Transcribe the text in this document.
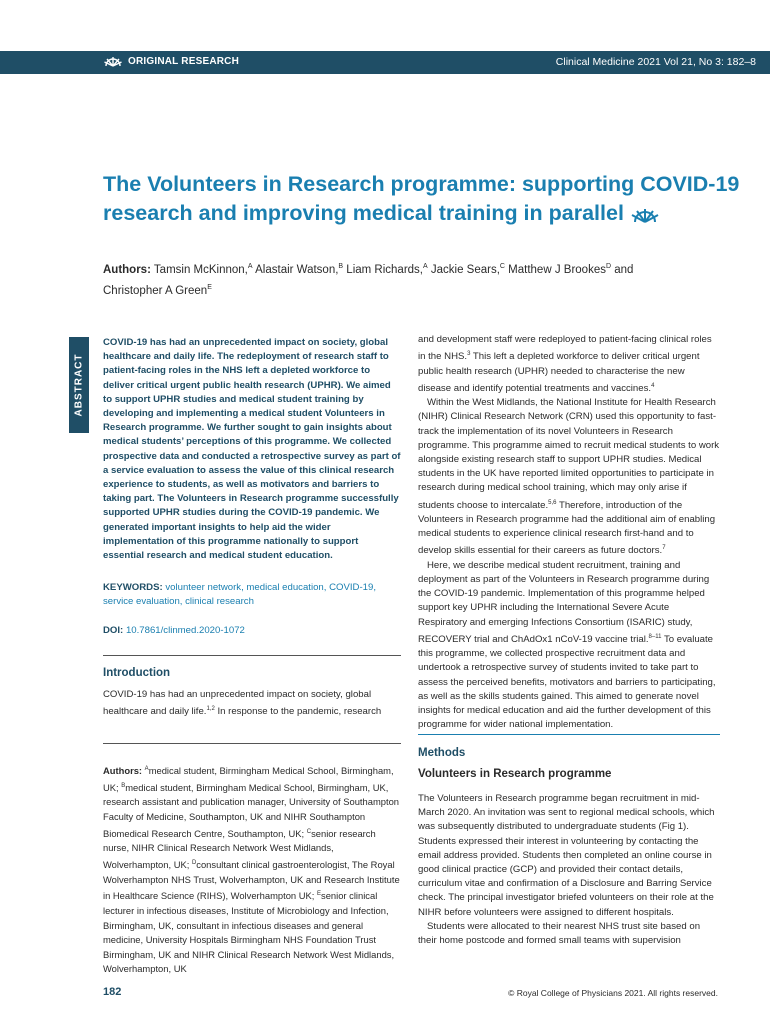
ORIGINAL RESEARCH	Clinical Medicine 2021 Vol 21, No 3: 182–8
The Volunteers in Research programme: supporting COVID-19 research and improving medical training in parallel
Authors: Tamsin McKinnon,$^A$ Alastair Watson,$^B$ Liam Richards,$^A$ Jackie Sears,$^C$ Matthew J Brookes$^D$ and Christopher A Green$^E$
ABSTRACT

COVID-19 has had an unprecedented impact on society, global healthcare and daily life. The redeployment of research staff to patient-facing roles in the NHS left a depleted workforce to deliver critical urgent public health research (UPHR). We aimed to support UPHR studies and medical student training by developing and implementing a medical student Volunteers in Research programme. We further sought to gain insights about medical students’ perceptions of this programme. We collected prospective data and conducted a retrospective survey as part of a service evaluation to assess the value of this clinical research experience to students, as well as motivators and barriers to taking part. The Volunteers in Research programme successfully supported UPHR studies during the COVID-19 pandemic. We generated important insights to help aid the wider implementation of this programme nationally to support essential research and medical student education.

KEYWORDS: volunteer network, medical education, COVID-19, service evaluation, clinical research

DOI: 10.7861/clinmed.2020-1072

Introduction

COVID-19 has had an unprecedented impact on society, global healthcare and daily life.$^{1,2}$ In response to the pandemic, research

Authors: $^A$medical student, Birmingham Medical School, Birmingham, UK; $^B$medical student, Birmingham Medical School, Birmingham, UK, research assistant and publication manager, University of Southampton Faculty of Medicine, Southampton, UK and NIHR Southampton Biomedical Research Centre, Southampton, UK; $^C$senior research nurse, NIHR Clinical Research Network West Midlands, Wolverhampton, UK; $^D$consultant clinical gastroenterologist, The Royal Wolverhampton NHS Trust, Wolverhampton, UK and Research Institute in Healthcare Science (RIHS), Wolverhampton UK; $^E$senior clinical lecturer in infectious diseases, Institute of Microbiology and Infection, Birmingham, UK, consultant in infectious diseases and general medicine, University Hospitals Birmingham NHS Foundation Trust Birmingham, UK and NIHR Clinical Research Network West Midlands, Wolverhampton, UK

and development staff were redeployed to patient-facing clinical roles in the NHS.$^3$ This left a depleted workforce to deliver critical urgent public health research (UPHR) needed to characterise the new disease and identify potential treatments and vaccines.$^4$

Within the West Midlands, the National Institute for Health Research (NIHR) Clinical Research Network (CRN) used this opportunity to fast-track the implementation of its novel Volunteers in Research programme. This programme aimed to recruit medical students to work alongside existing research staff to support UPHR studies. Medical students in the UK have reported limited opportunities to participate in research during medical school training, which may only arise if students choose to intercalate.$^{5,6}$ Therefore, introduction of the Volunteers in Research programme had the additional aim of enabling medical students to experience clinical research first-hand and to develop skills essential for their careers as future doctors.$^7$

Here, we describe medical student recruitment, training and deployment as part of the Volunteers in Research programme during the COVID-19 pandemic. Implementation of this programme helped support key UPHR including the International Severe Acute Respiratory and emerging Infections Consortium (ISARIC) study, RECOVERY trial and ChAdOx1 nCoV-19 vaccine trial.$^{8-11}$ To evaluate this programme, we collected prospective recruitment data and undertook a retrospective survey of students invited to take part to assess the perceived benefits, motivators and barriers to participating, as well as the skills students gained. This aimed to generate novel insights for medical education and aid the further development of this programme for wider national implementation.

Methods
Volunteers in Research programme

The Volunteers in Research programme began recruitment in mid-March 2020. An invitation was sent to regional medical schools, which was subsequently distributed to undergraduate students (Fig 1). Students expressed their interest in volunteering by contacting the email address provided. Students then completed an online course in good clinical practice (GCP) and provided their contact details, curriculum vitae and confirmation of a Disclosure and Barring Service check. The principal investigator briefed volunteers on their role at the NIHR before volunteers were assigned to different hospitals.

Students were allocated to their nearest NHS trust site based on their home postcode and formed small teams with supervision

182	© Royal College of Physicians 2021. All rights reserved.
